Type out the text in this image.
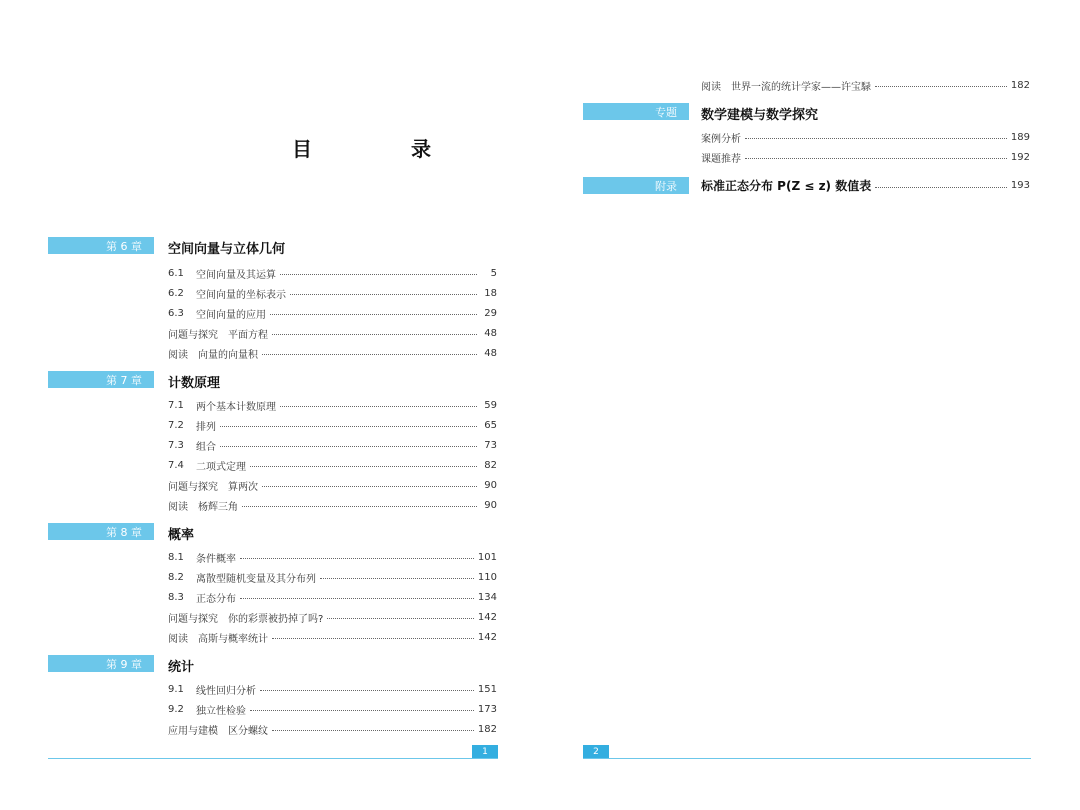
目 录
第 6 章	空间向量与立体几何
6.1	空间向量及其运算	5
6.2	空间向量的坐标表示	18
6.3	空间向量的应用	29
问题与探究　平面方程	48
阅读　向量的向量积	48
第 7 章	计数原理
7.1	两个基本计数原理	59
7.2	排列	65
7.3	组合	73
7.4	二项式定理	82
问题与探究　算两次	90
阅读　杨辉三角	90
第 8 章	概率
8.1	条件概率	101
8.2	离散型随机变量及其分布列	110
8.3	正态分布	134
问题与探究　你的彩票被扔掉了吗?	142
阅读　高斯与概率统计	142
第 9 章	统计
9.1	线性回归分析	151
9.2	独立性检验	173
应用与建模　区分螺纹	182
1
阅读　世界一流的统计学家——许宝騄	182
专题	数学建模与数学探究
案例分析	189
课题推荐	192
附录	标准正态分布 P(Z ≤ z) 数值表	193
2
